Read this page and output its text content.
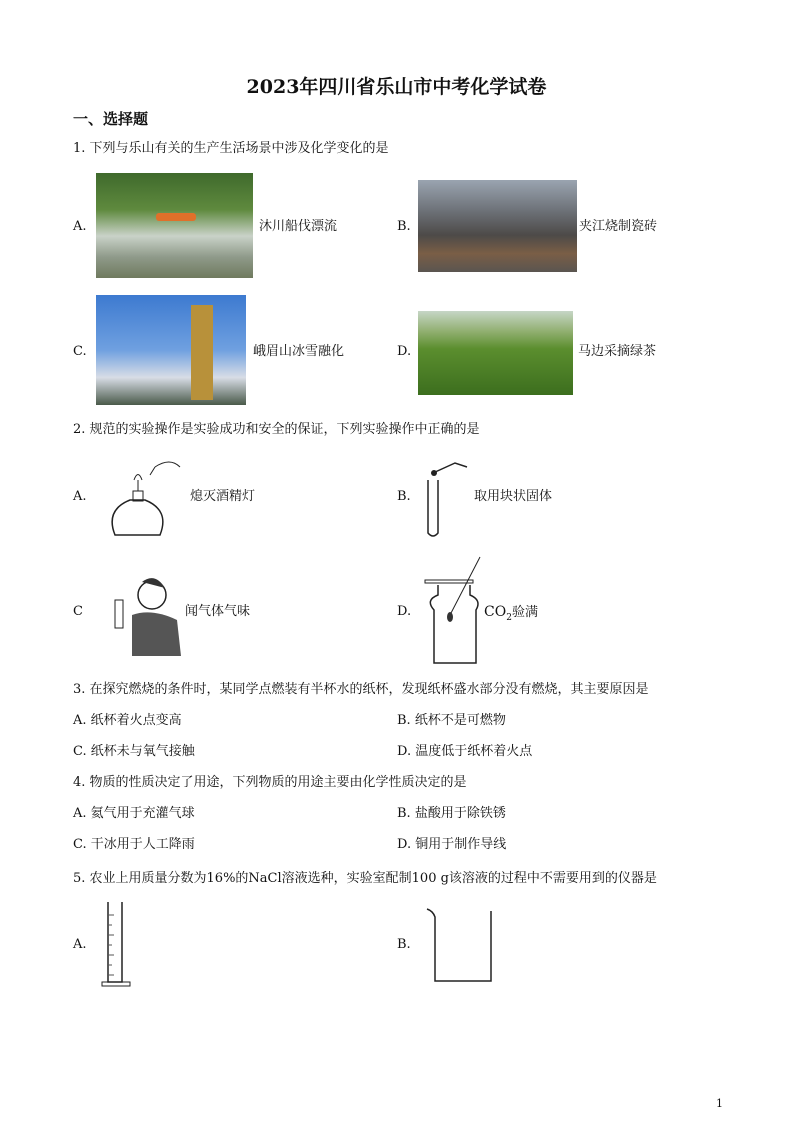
2023年四川省乐山市中考化学试卷
一、选择题
1. 下列与乐山有关的生产生活场景中涉及化学变化的是
A.	沐川船伐漂流	B.	夹江烧制瓷砖
C.	峨眉山冰雪融化	D.	马边采摘绿茶
2. 规范的实验操作是实验成功和安全的保证，下列实验操作中正确的是
A.	熄灭酒精灯	B.	取用块状固体
C	闻气体气味	D.	$CO_2$验满
3. 在探究燃烧的条件时，某同学点燃装有半杯水的纸杯，发现纸杯盛水部分没有燃烧，其主要原因是
A. 纸杯着火点变高	B. 纸杯不是可燃物
C. 纸杯未与氧气接触	D. 温度低于纸杯着火点
4. 物质的性质决定了用途，下列物质的用途主要由化学性质决定的是
A. 氦气用于充灌气球	B. 盐酸用于除铁锈
C. 干冰用于人工降雨	D. 铜用于制作导线
5. 农业上用质量分数为16%的NaCl溶液选种，实验室配制100 g该溶液的过程中不需要用到的仪器是
A.	B.
1
